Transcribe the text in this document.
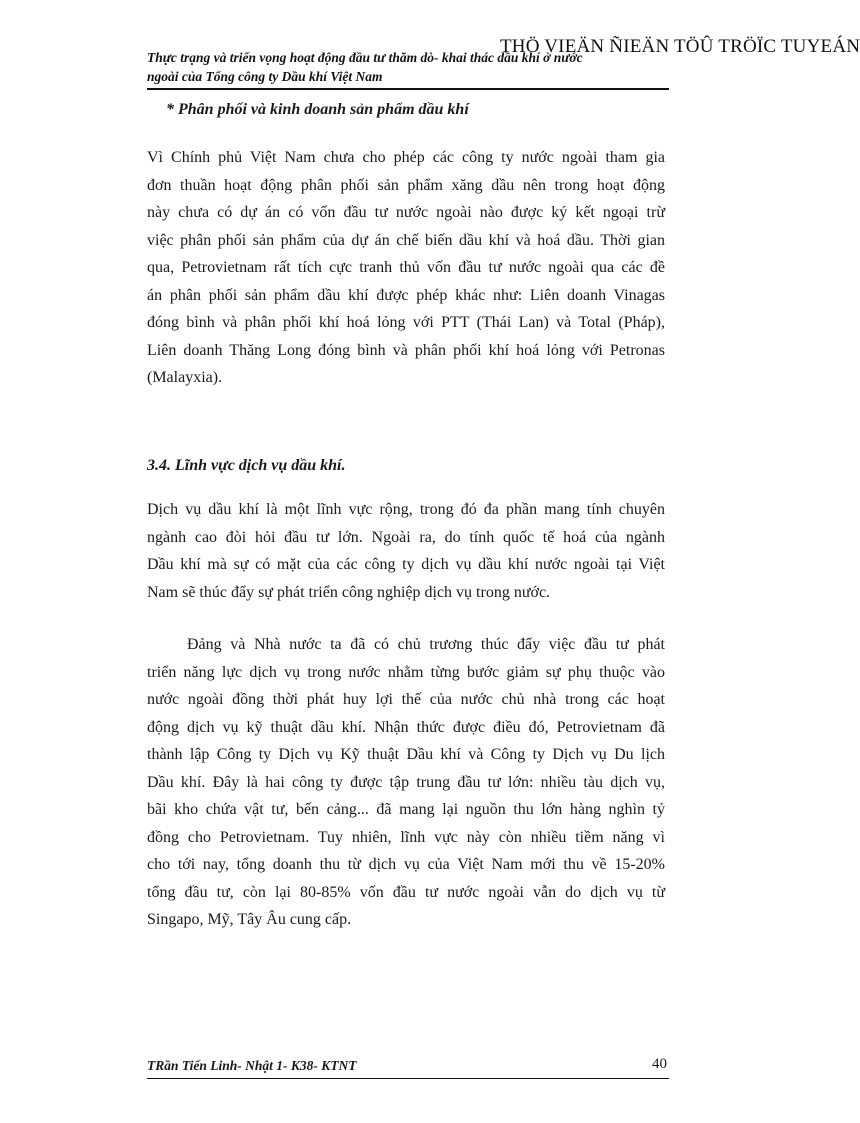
THÖ VIEÄN ÑIEÄN TÖÛ TRÖÏC TUYEÁN
Thực trạng và triển vọng hoạt động đầu tư thăm dò- khai thác dầu khí ở nước
ngoài của Tổng công ty Dầu khí Việt Nam
* Phân phối và kinh doanh sản phẩm dầu khí
Vì Chính phủ Việt Nam chưa cho phép các công ty nước ngoài tham gia
đơn thuần hoạt động phân phối sản phẩm xăng dầu nên trong hoạt động
này chưa có dự án có vốn đầu tư nước ngoài nào được ký kết ngoại trừ
việc phân phối sản phẩm của dự án chế biến dầu khí và hoá dầu. Thời gian
qua, Petrovietnam rất tích cực tranh thủ vốn đầu tư nước ngoài qua các đề
án phân phối sản phẩm dầu khí được phép khác như: Liên doanh Vinagas
đóng bình và phân phối khí hoá lỏng với PTT (Thái Lan) và Total (Pháp),
Liên doanh Thăng Long đóng bình và phân phối khí hoá lỏng với Petronas
(Malayxia).
3.4. Lĩnh vực dịch vụ dầu khí.
Dịch vụ dầu khí là một lĩnh vực rộng, trong đó đa phần mang tính chuyên
ngành cao đòi hỏi đầu tư lớn. Ngoài ra, do tính quốc tế hoá của ngành
Dầu khí mà sự có mặt của các công ty dịch vụ dầu khí nước ngoài tại Việt
Nam sẽ thúc đẩy sự phát triển công nghiệp dịch vụ trong nước.
Đảng và Nhà nước ta đã có chủ trương thúc đẩy việc đầu tư phát
triển năng lực dịch vụ trong nước nhằm từng bước giảm sự phụ thuộc vào
nước ngoài đồng thời phát huy lợi thế của nước chủ nhà trong các hoạt
động dịch vụ kỹ thuật dầu khí. Nhận thức được điều đó, Petrovietnam đã
thành lập Công ty Dịch vụ Kỹ thuật Dầu khí và Công ty Dịch vụ Du lịch
Dầu khí. Đây là hai công ty được tập trung đầu tư lớn: nhiều tàu dịch vụ,
bãi kho chứa vật tư, bến cảng... đã mang lại nguồn thu lớn hàng nghìn tỷ
đồng cho Petrovietnam. Tuy nhiên, lĩnh vực này còn nhiều tiềm năng vì
cho tới nay, tổng doanh thu từ dịch vụ của Việt Nam mới thu về 15-20%
tổng đầu tư, còn lại 80-85% vốn đầu tư nước ngoài vẫn do dịch vụ từ
Singapo, Mỹ, Tây Âu cung cấp.
TRần Tiến Linh- Nhật 1- K38- KTNT	40
